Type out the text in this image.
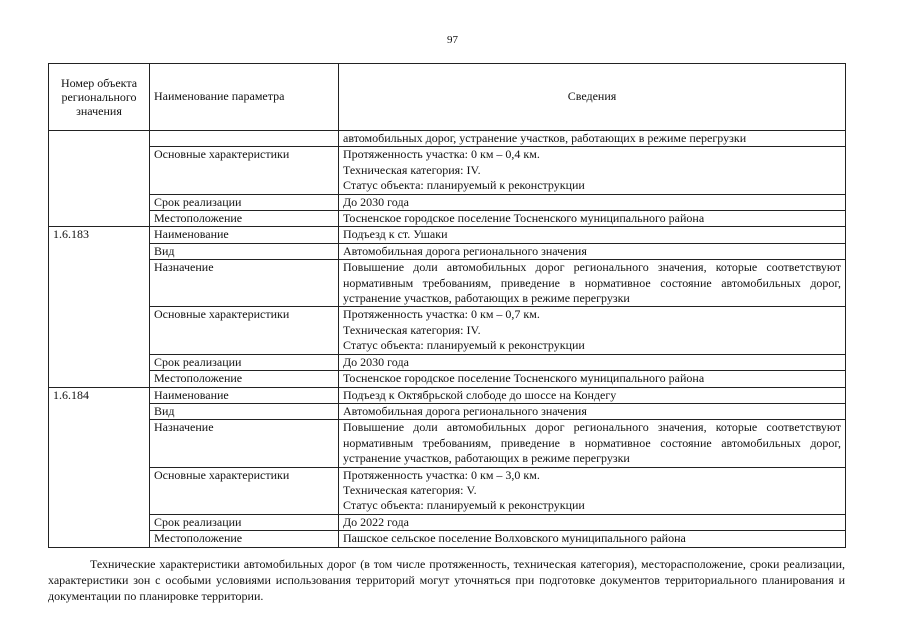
97
Номер объекта регионального значения	Наименование параметра	Сведения

		автомобильных дорог, устранение участков, работающих в режиме перегрузки

	Основные характеристики	Протяженность участка: 0 км – 0,4 км.

Техническая категория: IV.

Статус объекта: планируемый к реконструкции

	Срок реализации	До 2030 года

	Местоположение	Тосненское городское поселение Тосненского муниципального района

1.6.183	Наименование	Подъезд к ст. Ушаки

	Вид	Автомобильная дорога регионального значения

	Назначение	Повышение доли автомобильных дорог регионального значения, которые соответствуют нормативным требованиям, приведение в нормативное состояние автомобильных дорог, устранение участков, работающих в режиме перегрузки

	Основные характеристики	Протяженность участка: 0 км – 0,7 км.

Техническая категория: IV.

Статус объекта: планируемый к реконструкции

	Срок реализации	До 2030 года

	Местоположение	Тосненское городское поселение Тосненского муниципального района

1.6.184	Наименование	Подъезд к Октябрьской слободе до шоссе на Кондегу

	Вид	Автомобильная дорога регионального значения

	Назначение	Повышение доли автомобильных дорог регионального значения, которые соответствуют нормативным требованиям, приведение в нормативное состояние автомобильных дорог, устранение участков, работающих в режиме перегрузки

	Основные характеристики	Протяженность участка: 0 км – 3,0 км.

Техническая категория: V.

Статус объекта: планируемый к реконструкции

	Срок реализации	До 2022 года

	Местоположение	Пашское сельское поселение Волховского муниципального района

Технические характеристики автомобильных дорог (в том числе протяженность, техническая категория), месторасположение, сроки реализации, характеристики зон с особыми условиями использования территорий могут уточняться при подготовке документов территориального планирования и документации по планировке территории.
